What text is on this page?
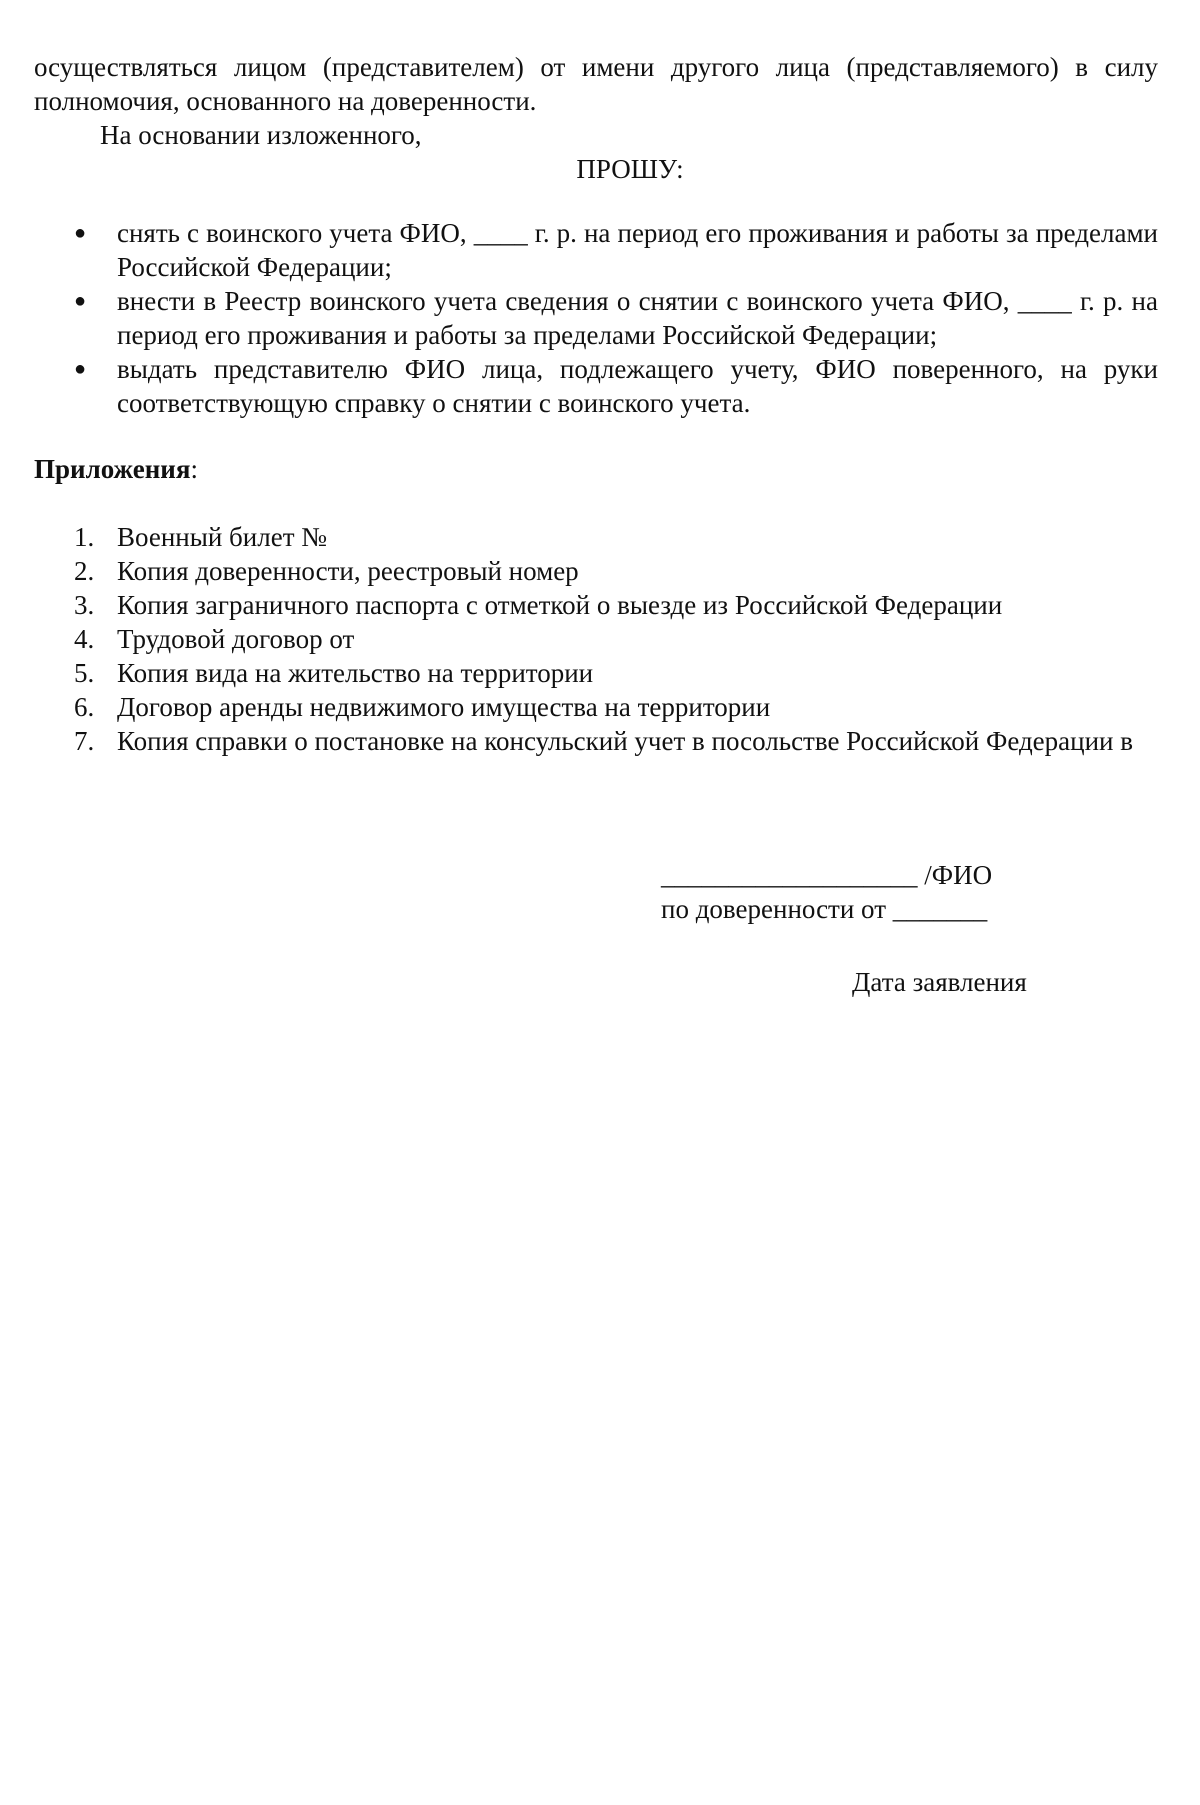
осуществляться лицом (представителем) от имени другого лица (представляемого) в силу полномочия, основанного на доверенности.

На основании изложенного,

ПРОШУ:

● снять с воинского учета ФИО, ____ г. р. на период его проживания и работы за пределами Российской Федерации;
● внести в Реестр воинского учета сведения о снятии с воинского учета ФИО, ____ г. р. на период его проживания и работы за пределами Российской Федерации;
● выдать представителю ФИО лица, подлежащего учету, ФИО поверенного, на руки соответствующую справку о снятии с воинского учета.

Приложения:

1. Военный билет №
2. Копия доверенности, реестровый номер
3. Копия заграничного паспорта с отметкой о выезде из Российской Федерации
4. Трудовой договор от
5. Копия вида на жительство на территории
6. Договор аренды недвижимого имущества на территории
7. Копия справки о постановке на консульский учет в посольстве Российской Федерации в

___________________ /ФИО

по доверенности от _______

Дата заявления
